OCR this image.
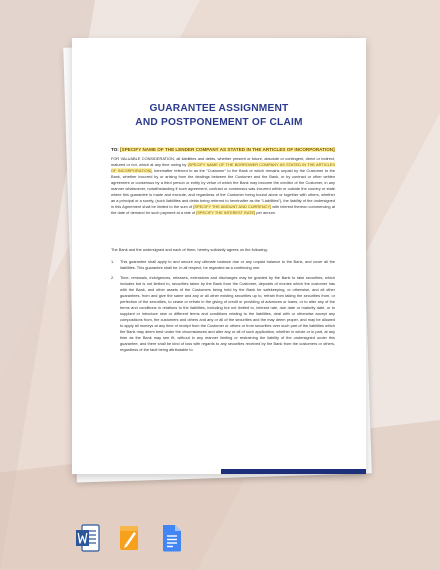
GUARANTEE ASSIGNMENT
AND POSTPONEMENT OF CLAIM
TO: [SPECIFY NAME OF THE LENDER COMPANY AS STATED IN THE ARTICLES OF INCORPORATION]
FOR VALUABLE CONSIDERATION, all liabilities and debts, whether present or future, absolute or contingent, direct or indirect, matured or not, which at any time owing by [SPECIFY NAME OF THE BORROWER COMPANY AS STATED IN THE ARTICLES OF INCORPORATION], hereinafter referred to as the "Customer" to the Bank or which remains unpaid by the Customer to the Bank, whether incurred by or arising from the dealings between the Customer and the Bank, or by contract or other written agreement or consensus by a third person or entity by virtue of which the Bank may become the creditor of the Customer, in any manner whatsoever, notwithstanding if such agreement, contract or consensus was incurred within or outside the country or state where this guarantee is made and execute, and regardless of the Customer being bound alone or together with others, whether as a principal or a surety, (such liabilities and debts being referred to hereinafter as the "Liabilities"), the liability of the undersigned in this Agreement shall be limited to the sum of [SPECIFY THE AMOUNT AND CURRENCY] with interest thereon commencing at the date of demand for such payment at a rate of [SPECIFY THE INTEREST RATE] per annum.
The Bank and the undersigned and each of them, hereby solidarily agrees on the following:
1. This guarantee shall apply to and secure any ultimate balance due or any unpaid balance to the Bank, and cover all the liabilities. This guarantee shall be, in all respect, be regarded as a continuing one.
2. Time, renewals, indulgences, releases, extensions and discharges may be granted by the Bank to take securities, which includes but is not limited to, securities taken by the Bank from the Customer, deposits of monies which the customer has with the Bank, and other assets of the Customers being held by the Bank for safekeeping, or otherwise, and all other guarantees, from and give the same and any or all other existing securities up to, refrain from taking the securities from, or perfection of the securities, to cease or refrain in the giving of credit or providing of advances or loans, or to alter any of the terms and conditions in relations to the liabilities, including but not limited to, interest rate, due date or maturity date, or to supplant or introduce new or different terms and conditions relating to the liabilities, deal with or otherwise accept any compositions from, the customers and others and any or all of the securities and the may deem proper, and may be allowed to apply all moneys at any time of receipt from the Customer or others or from securities over such part of the liabilities which the Bank may deem best under the circumstances and alter any or all of such application, whether in whole or in part, at any time as the Bank may see fit, without in any manner limiting or restraining the liability of the undersigned under this guarantee, and there shall be kind of loss with regards to any securities received by the Bank from the customers or others, regardless of the fault being attributable to
